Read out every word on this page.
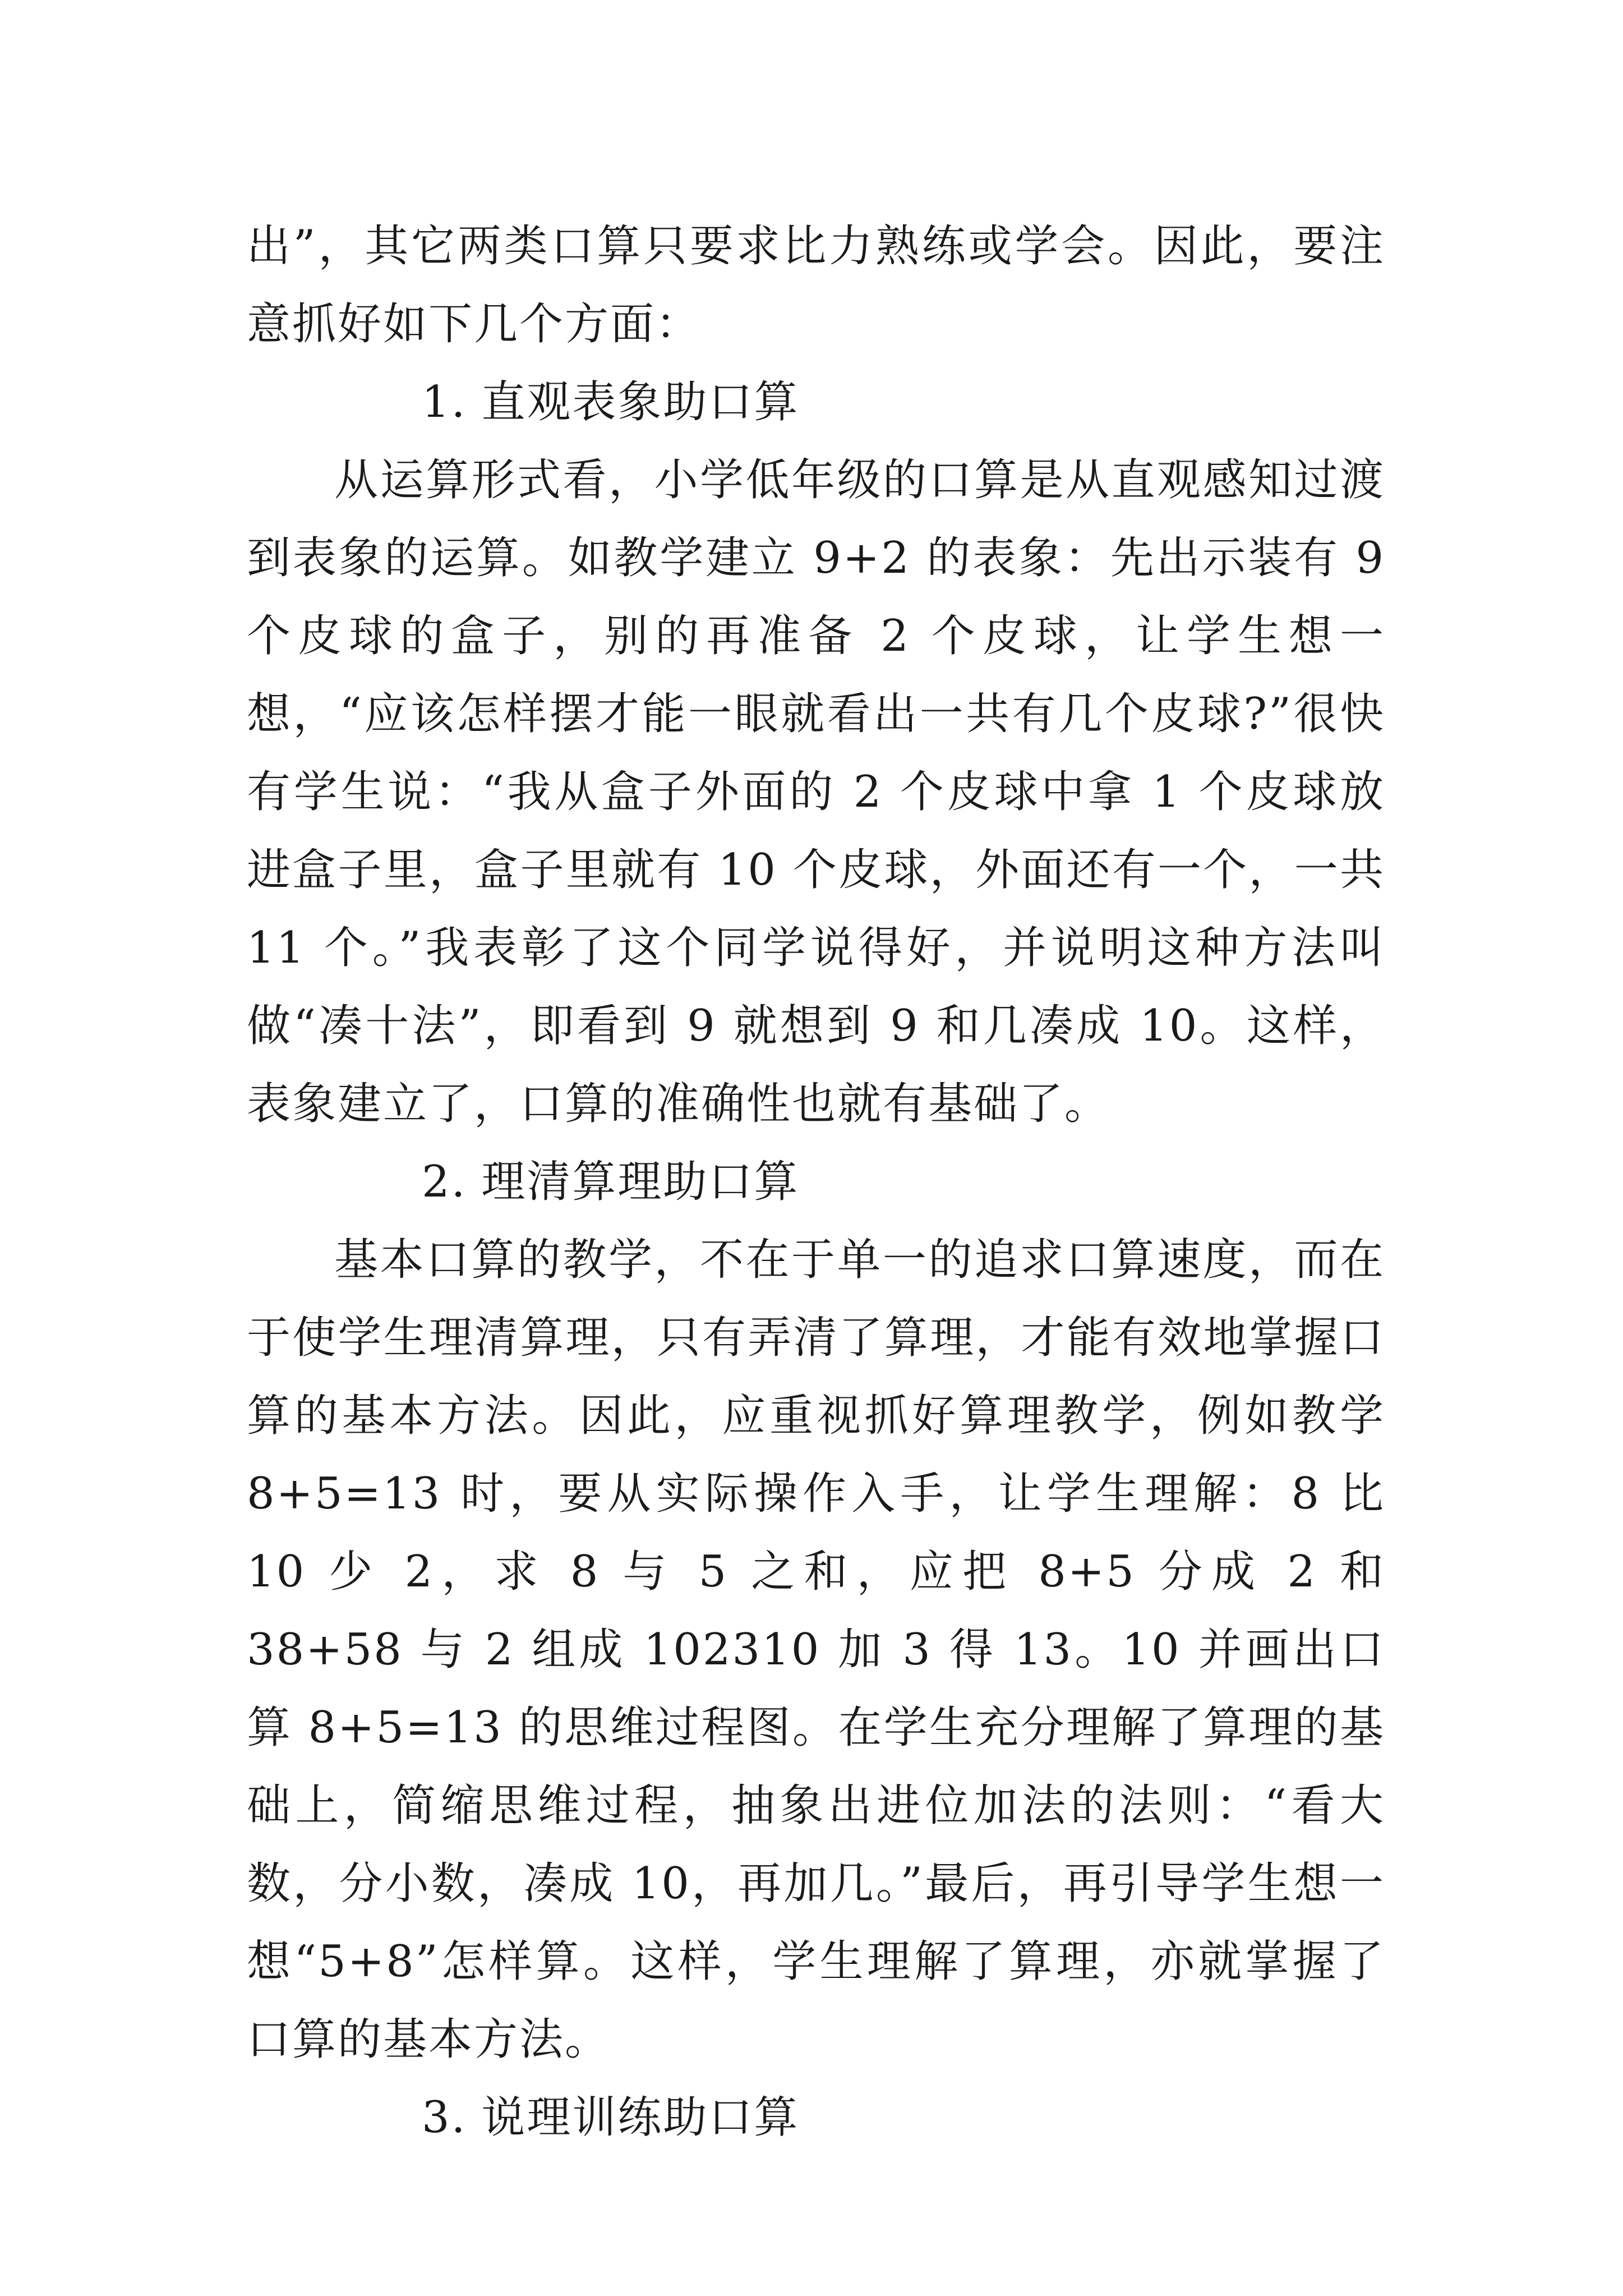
出”，其它两类口算只要求比力熟练或学会。因此，要注意抓好如下几个方面：

1. 直观表象助口算

从运算形式看，小学低年级的口算是从直观感知过渡到表象的运算。如教学建立 9+2 的表象：先出示装有 9 个皮球的盒子，别的再准备 2 个皮球，让学生想一想，“应该怎样摆才能一眼就看出一共有几个皮球?”很快有学生说：“我从盒子外面的 2 个皮球中拿 1 个皮球放进盒子里，盒子里就有 10 个皮球，外面还有一个，一共 11 个。”我表彰了这个同学说得好，并说明这种方法叫做“凑十法”，即看到 9 就想到 9 和几凑成 10。这样，表象建立了，口算的准确性也就有基础了。

2. 理清算理助口算

基本口算的教学，不在于单一的追求口算速度，而在于使学生理清算理，只有弄清了算理，才能有效地掌握口算的基本方法。因此，应重视抓好算理教学，例如教学 8+5=13 时，要从实际操作入手，让学生理解：8 比 10 少 2，求 8 与 5 之和，应把 8+5 分成 2 和 38+58 与 2 组成 102310 加 3 得 13。10 并画出口算 8+5=13 的思维过程图。在学生充分理解了算理的基础上，简缩思维过程，抽象出进位加法的法则：“看大数，分小数，凑成 10，再加几。”最后，再引导学生想一想“5+8”怎样算。这样，学生理解了算理，亦就掌握了口算的基本方法。

3. 说理训练助口算
